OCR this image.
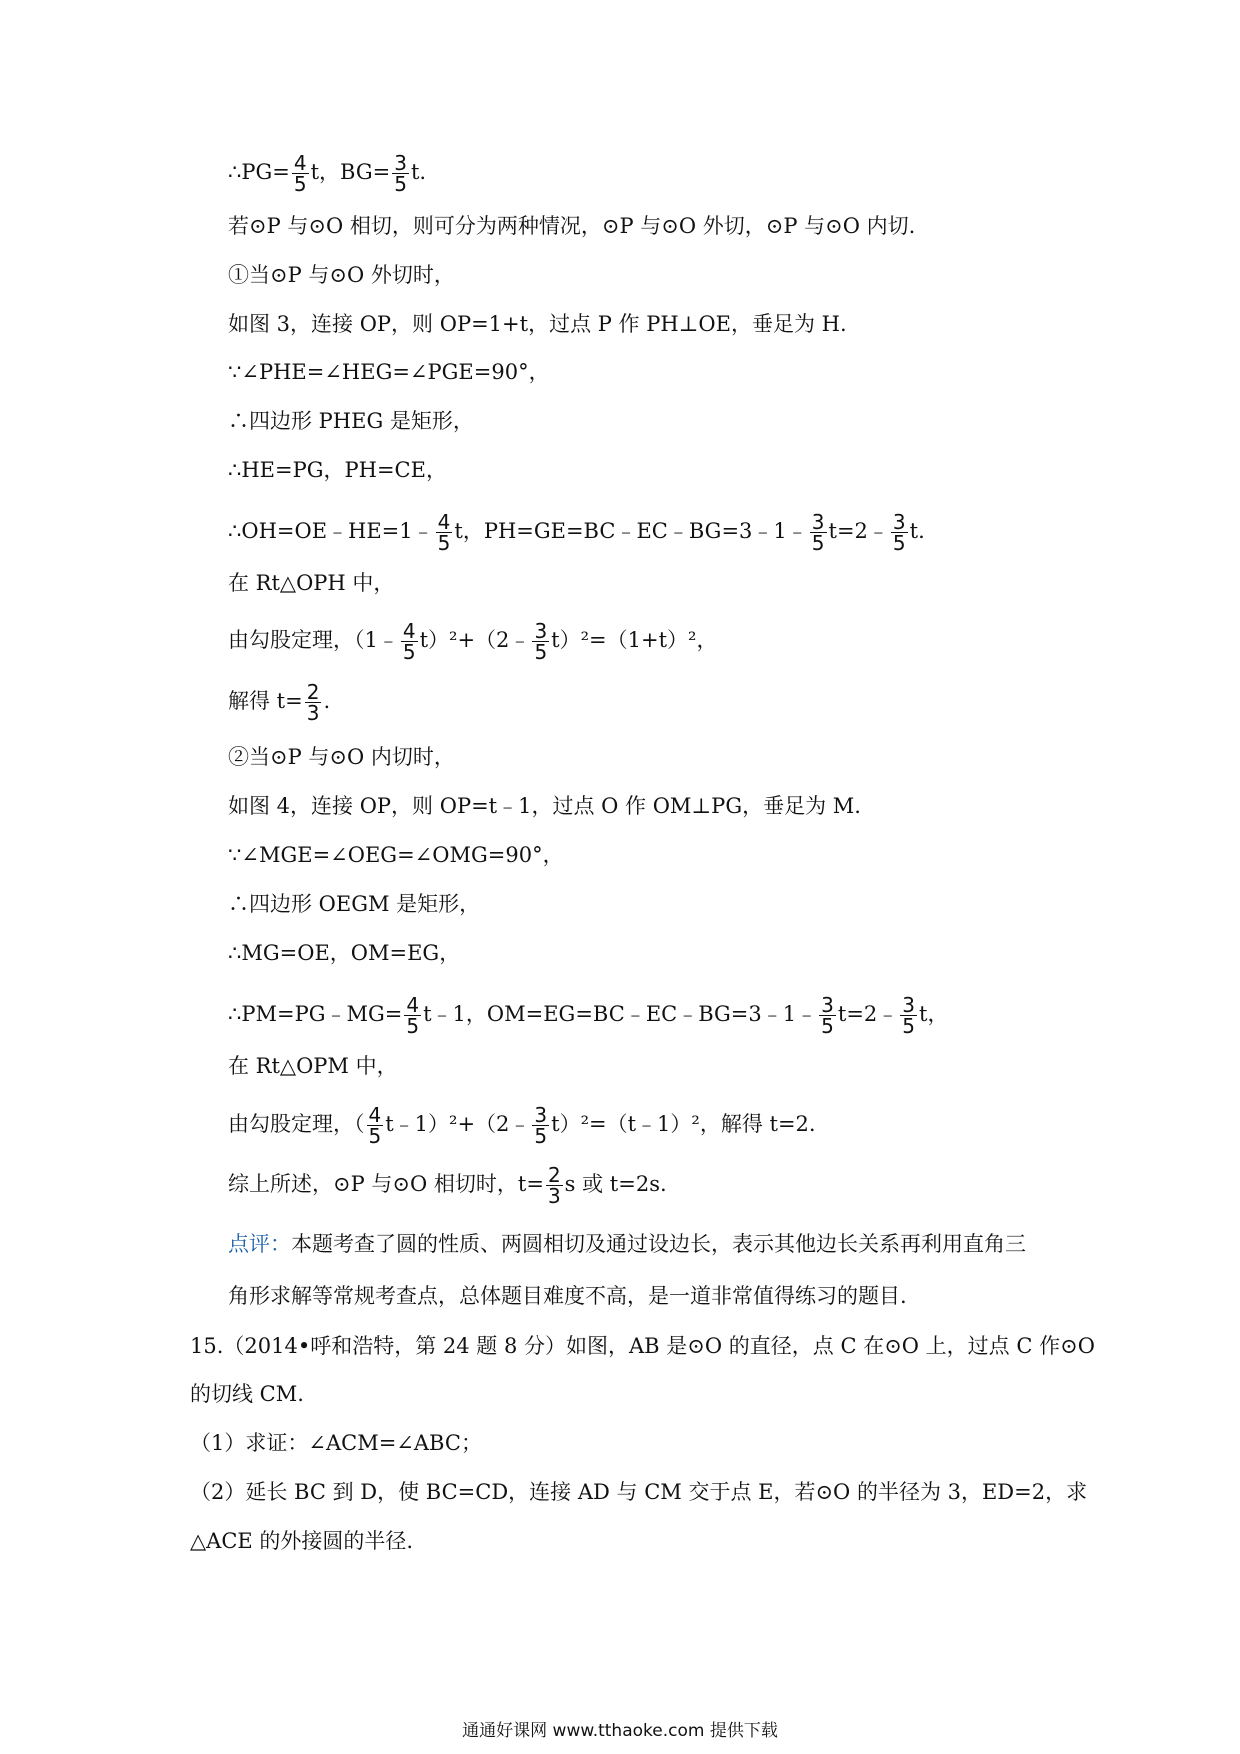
∴PG= $\frac{4}{5}$ t，$BG= \frac{3}{5} t$.
若⊙P 与⊙O 相切，则可分为两种情况，⊙P 与⊙O 外切，⊙P 与⊙O 内切.
①当⊙P 与⊙O 外切时，
如图 3，连接 OP，则 OP=1+t，过点 P 作 PH⊥OE，垂足为 H.
∵∠PHE=∠HEG=∠PGE=90°，
∴四边形 PHEG 是矩形，
∴HE=PG，PH=CE，
∴OH=OE﹣HE=1﹣ $\frac{4}{5}$ t，PH=GE=BC﹣EC﹣BG=3﹣1﹣ $\frac{3}{5}$ t=2﹣ $\frac{3}{5} t$.
在 Rt△OPH 中，
由勾股定理，（1﹣ $\frac{4}{5}$ t）²+（2﹣ $\frac{3}{5} t)^2=(1+t)^2$，
解得 $t= \frac{2}{3}$ .
②当⊙P 与⊙O 内切时，
如图 4，连接 OP，则 OP=t﹣1，过点 O 作 OM⊥PG，垂足为 M.
∵∠MGE=∠OEG=∠OMG=90°，
∴四边形 OEGM 是矩形，
∴MG=OE，OM=EG，
∴PM=PG﹣MG= $\frac{4}{5}$ t﹣1，OM=EG=BC﹣EC﹣BG=3﹣1﹣ $\frac{3}{5}$ t=2﹣ $\frac{3}{5}$ t，
在 Rt△OPM 中，
由勾股定理，（ $\frac{4}{5}$ t﹣1）²+（2﹣ $\frac{3}{5}$ t）²=（t﹣1）²，解得 t=2.
综上所述，⊙P 与⊙O 相切时，$t= \frac{2}{3}$ s 或 t=2s.
点评：本题考查了圆的性质、两圆相切及通过设边长，表示其他边长关系再利用直角三
角形求解等常规考查点，总体题目难度不高，是一道非常值得练习的题目.
15.（2014•呼和浩特，第 24 题 8 分）如图，AB 是⊙O 的直径，点 C 在⊙O 上，过点 C 作⊙O
的切线 CM.
（1）求证：∠ACM=∠ABC；
（2）延长 BC 到 D，使 BC=CD，连接 AD 与 CM 交于点 E，若⊙O 的半径为 3，ED=2，求
△ACE 的外接圆的半径.
通通好课网 www.tthaoke.com 提供下载
